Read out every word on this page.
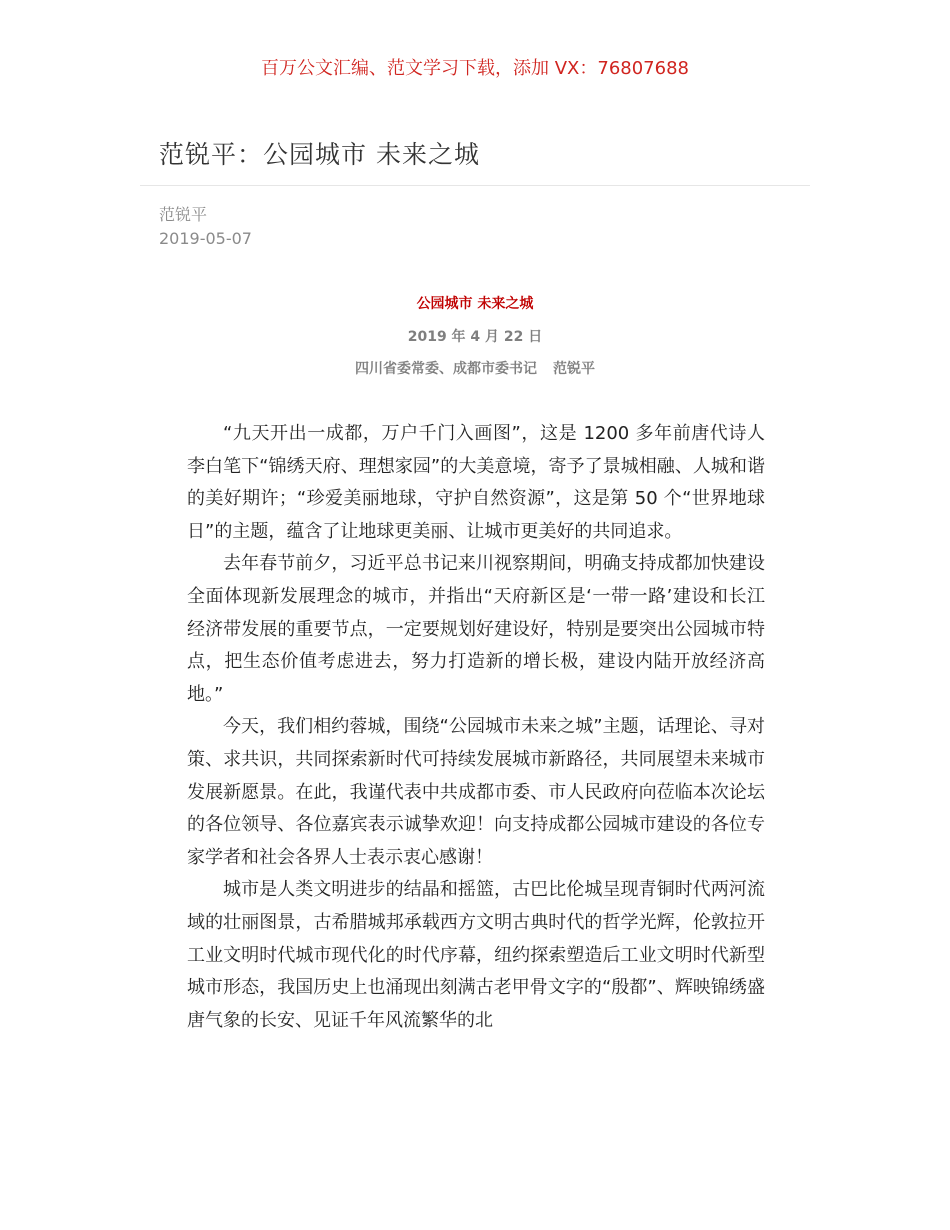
百万公文汇编、范文学习下载，添加 VX：76807688
范锐平：公园城市 未来之城
范锐平
2019-05-07
公园城市 未来之城
2019 年 4 月 22 日
四川省委常委、成都市委书记 范锐平

“九天开出一成都，万户千门入画图”，这是 1200 多年前唐代诗人李白笔下“锦绣天府、理想家园”的大美意境，寄予了景城相融、人城和谐的美好期许；“珍爱美丽地球，守护自然资源”，这是第 50 个“世界地球日”的主题，蕴含了让地球更美丽、让城市更美好的共同追求。

去年春节前夕，习近平总书记来川视察期间，明确支持成都加快建设全面体现新发展理念的城市，并指出“天府新区是‘一带一路’建设和长江经济带发展的重要节点，一定要规划好建设好，特别是要突出公园城市特点，把生态价值考虑进去，努力打造新的增长极，建设内陆开放经济高地。”

今天，我们相约蓉城，围绕“公园城市未来之城”主题，话理论、寻对策、求共识，共同探索新时代可持续发展城市新路径，共同展望未来城市发展新愿景。在此，我谨代表中共成都市委、市人民政府向莅临本次论坛的各位领导、各位嘉宾表示诚挚欢迎！向支持成都公园城市建设的各位专家学者和社会各界人士表示衷心感谢！

城市是人类文明进步的结晶和摇篮，古巴比伦城呈现青铜时代两河流域的壮丽图景，古希腊城邦承载西方文明古典时代的哲学光辉，伦敦拉开工业文明时代城市现代化的时代序幕，纽约探索塑造后工业文明时代新型城市形态，我国历史上也涌现出刻满古老甲骨文字的“殷都”、辉映锦绣盛唐气象的长安、见证千年风流繁华的北
